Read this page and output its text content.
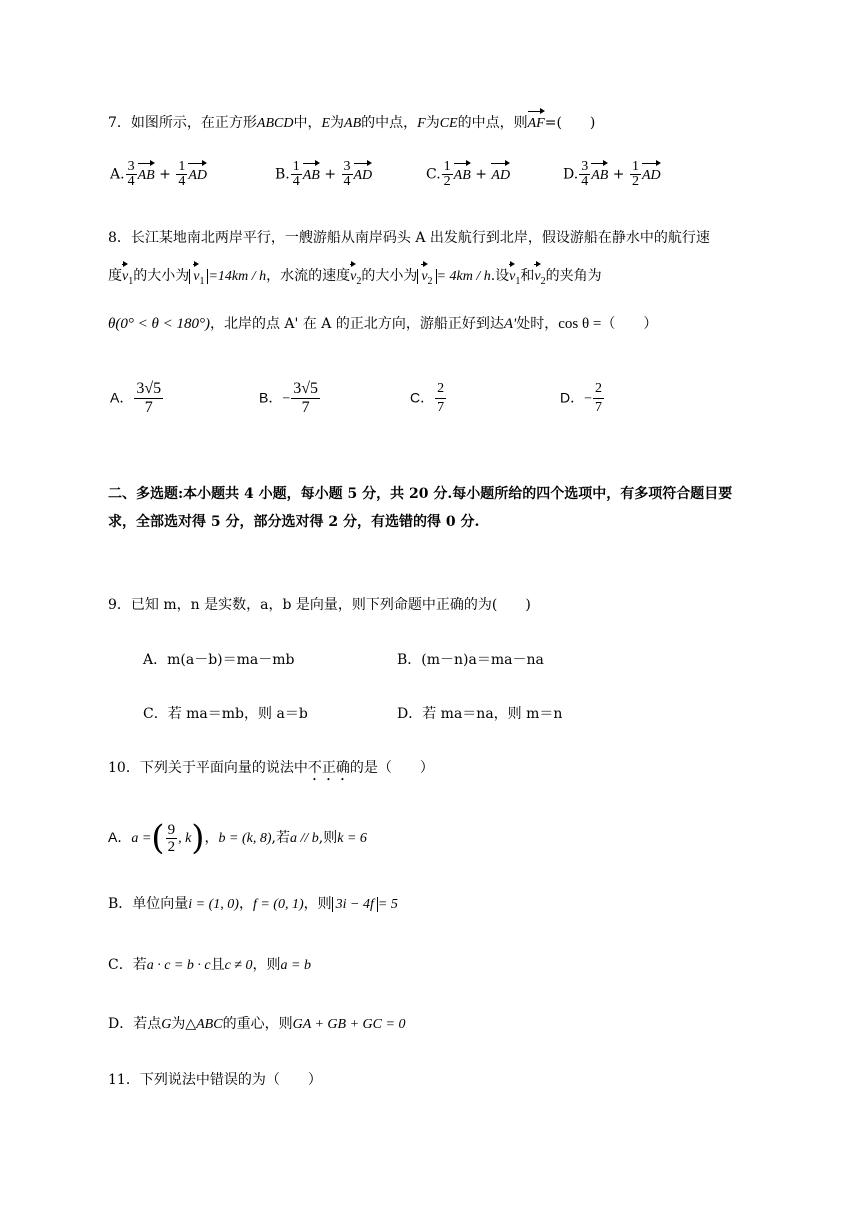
7．如图所示，在正方形ABCD中，E为AB的中点，F为CE的中点，则AF=(　　)
A. $\frac{3}{4}$ AB + $\frac{1}{4}$ AD	B. $\frac{1}{4}$ AB + $\frac{3}{4}$ AD	C. $\frac{1}{2}$ AB + AD	D. $\frac{3}{4}$ AB + $\frac{1}{2}$ AD
8．长江某地南北两岸平行，一艘游船从南岸码头 A 出发航行到北岸，假设游船在静水中的航行速
度$v_1$的大小为 $v_1 =14km / h$，水流的速度$v_2$的大小为 $v_2 = 4km / h$.设$v_1$和$v_2$的夹角为
θ(0° < θ < 180°)，北岸的点 A' 在 A 的正北方向，游船正好到达A'处时，cos θ =（　　）
A． $\frac{3√5}{7}$	B．− $\frac{3√5}{7}$	C． $\frac{2}{7}$	D．− $\frac{2}{7}$
二、多选题:本小题共 4 小题，每小题 5 分，共 20 分.每小题所给的四个选项中，有多项符合题目要
求，全部选对得 5 分，部分选对得 2 分，有选错的得 0 分.
9．已知 m，n 是实数，a，b 是向量，则下列命题中正确的为(　　)
A．m(a－b)＝ma－mb	B．(m－n)a＝ma－na
C．若 ma＝mb，则 a＝b	D．若 ma＝na，则 m＝n
10．下列关于平面向量的说法中不正确的是（　　）
A．a =( $\frac{9}{2}$ , k)，b = (k, 8),若a // b,则k = 6
B．单位向量i = (1, 0)，f = (0, 1)，则 3i − 4f = 5
C．若a · c = b · c且c ≠ 0，则a = b
D．若点G为△ABC的重心，则GA + GB + GC = 0
11．下列说法中错误的为（　　）
